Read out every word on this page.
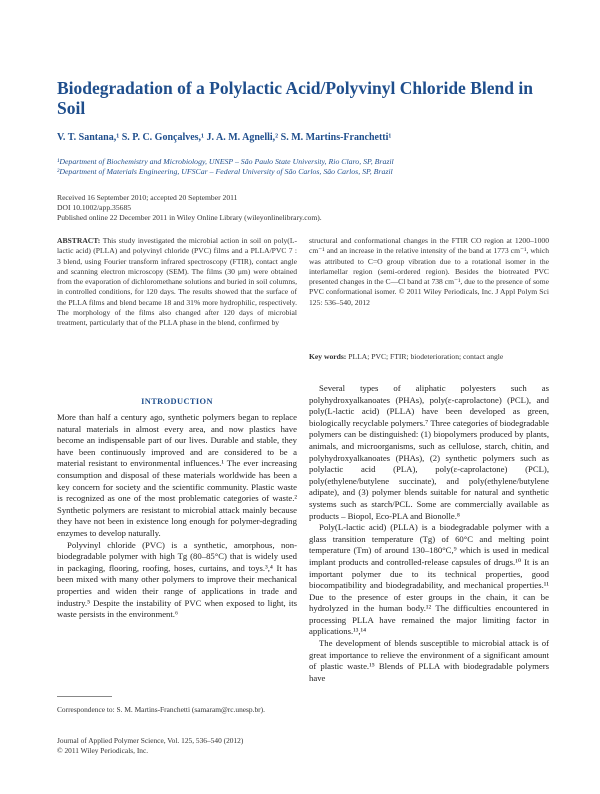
Biodegradation of a Polylactic Acid/Polyvinyl Chloride Blend in Soil
V. T. Santana,¹ S. P. C. Gonçalves,¹ J. A. M. Agnelli,² S. M. Martins-Franchetti¹
¹Department of Biochemistry and Microbiology, UNESP – São Paulo State University, Rio Claro, SP, Brazil
²Department of Materials Engineering, UFSCar – Federal University of São Carlos, São Carlos, SP, Brazil
Received 16 September 2010; accepted 20 September 2011
DOI 10.1002/app.35685
Published online 22 December 2011 in Wiley Online Library (wileyonlinelibrary.com).
ABSTRACT: This study investigated the microbial action in soil on poly(L-lactic acid) (PLLA) and polyvinyl chloride (PVC) films and a PLLA/PVC 7 : 3 blend, using Fourier transform infrared spectroscopy (FTIR), contact angle and scanning electron microscopy (SEM). The films (30 μm) were obtained from the evaporation of dichloromethane solutions and buried in soil columns, in controlled conditions, for 120 days. The results showed that the surface of the PLLA films and blend became 18 and 31% more hydrophilic, respectively. The morphology of the films also changed after 120 days of microbial treatment, particularly that of the PLLA phase in the blend, confirmed by
structural and conformational changes in the FTIR CO region at 1200–1000 cm⁻¹ and an increase in the relative intensity of the band at 1773 cm⁻¹, which was attributed to C=O group vibration due to a rotational isomer in the interlamellar region (semi-ordered region). Besides the biotreated PVC presented changes in the C—Cl band at 738 cm⁻¹, due to the presence of some PVC conformational isomer. © 2011 Wiley Periodicals, Inc. J Appl Polym Sci 125: 536–540, 2012
Key words: PLLA; PVC; FTIR; biodeterioration; contact angle
INTRODUCTION

More than half a century ago, synthetic polymers began to replace natural materials in almost every area, and now plastics have become an indispensable part of our lives. Durable and stable, they have been continuously improved and are considered to be a material resistant to environmental influences.¹ The ever increasing consumption and disposal of these materials worldwide has been a key concern for society and the scientific community. Plastic waste is recognized as one of the most problematic categories of waste.² Synthetic polymers are resistant to microbial attack mainly because they have not been in existence long enough for polymer-degrading enzymes to develop naturally.

Polyvinyl chloride (PVC) is a synthetic, amorphous, non-biodegradable polymer with high Tg (80–85°C) that is widely used in packaging, flooring, roofing, hoses, curtains, and toys.³,⁴ It has been mixed with many other polymers to improve their mechanical properties and widen their range of applications in trade and industry.⁵ Despite the instability of PVC when exposed to light, its waste persists in the environment.⁶

Several types of aliphatic polyesters such as polyhydroxyalkanoates (PHAs), poly(ε-caprolactone) (PCL), and poly(L-lactic acid) (PLLA) have been developed as green, biologically recyclable polymers.⁷ Three categories of biodegradable polymers can be distinguished: (1) biopolymers produced by plants, animals, and microorganisms, such as cellulose, starch, chitin, and polyhydroxyalkanoates (PHAs), (2) synthetic polymers such as polylactic acid (PLA), poly(ε-caprolactone) (PCL), poly(ethylene/butylene succinate), and poly(ethylene/butylene adipate), and (3) polymer blends suitable for natural and synthetic systems such as starch/PCL. Some are commercially available as products – Biopol, Eco-PLA and Bionolle.⁸

Poly(L-lactic acid) (PLLA) is a biodegradable polymer with a glass transition temperature (Tg) of 60°C and melting point temperature (Tm) of around 130–180°C,⁹ which is used in medical implant products and controlled-release capsules of drugs.¹⁰ It is an important polymer due to its technical properties, good biocompatibility and biodegradability, and mechanical properties.¹¹ Due to the presence of ester groups in the chain, it can be hydrolyzed in the human body.¹² The difficulties encountered in processing PLLA have remained the major limiting factor in applications.¹³,¹⁴

The development of blends susceptible to microbial attack is of great importance to relieve the environment of a significant amount of plastic waste.¹⁵ Blends of PLLA with biodegradable polymers have

Correspondence to: S. M. Martins-Franchetti (samaram@rc.unesp.br).
Journal of Applied Polymer Science, Vol. 125, 536–540 (2012)
© 2011 Wiley Periodicals, Inc.
